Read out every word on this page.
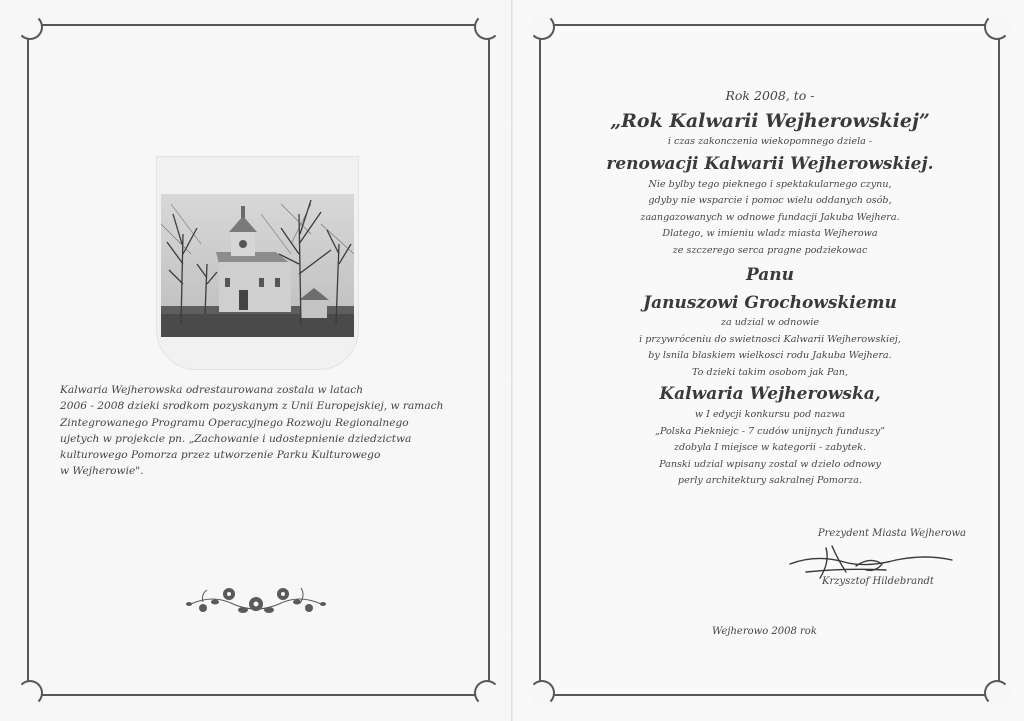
Kalwaria Wejherowska odrestaurowana zostala w latach
2006 - 2008 dzieki srodkom pozyskanym z Unii Europejskiej, w ramach
Zintegrowanego Programu Operacyjnego Rozwoju Regionalnego
ujetych w projekcie pn. „Zachowanie i udostepnienie dziedzictwa
kulturowego Pomorza przez utworzenie Parku Kulturowego
w Wejherowie".
Rok 2008, to -
„Rok Kalwarii Wejherowskiej”
i czas zakonczenia wiekopomnego dziela -
renowacji Kalwarii Wejherowskiej.
Nie bylby tego pieknego i spektakularnego czynu,
gdyby nie wsparcie i pomoc wielu oddanych osób,
zaangazowanych w odnowe fundacji Jakuba Wejhera.
Dlatego, w imieniu wladz miasta Wejherowa
ze szczerego serca pragne podziekowac
Panu
Januszowi Grochowskiemu
za udzial w odnowie
i przywróceniu do swietnosci Kalwarii Wejherowskiej,
by lsnila blaskiem wielkosci rodu Jakuba Wejhera.
To dzieki takim osobom jak Pan,
Kalwaria Wejherowska,
w I edycji konkursu pod nazwa
„Polska Piekniejc - 7 cudów unijnych funduszy”
zdobyla I miejsce w kategorii - zabytek.
Panski udzial wpisany zostal w dzielo odnowy
perly architektury sakralnej Pomorza.
Prezydent Miasta Wejherowa
Krzysztof Hildebrandt
Wejherowo 2008 rok
